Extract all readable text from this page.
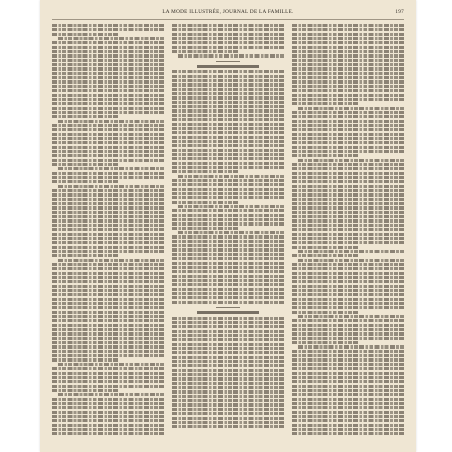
LA MODE ILLUSTRÉE, JOURNAL DE LA FAMILLE.	197
